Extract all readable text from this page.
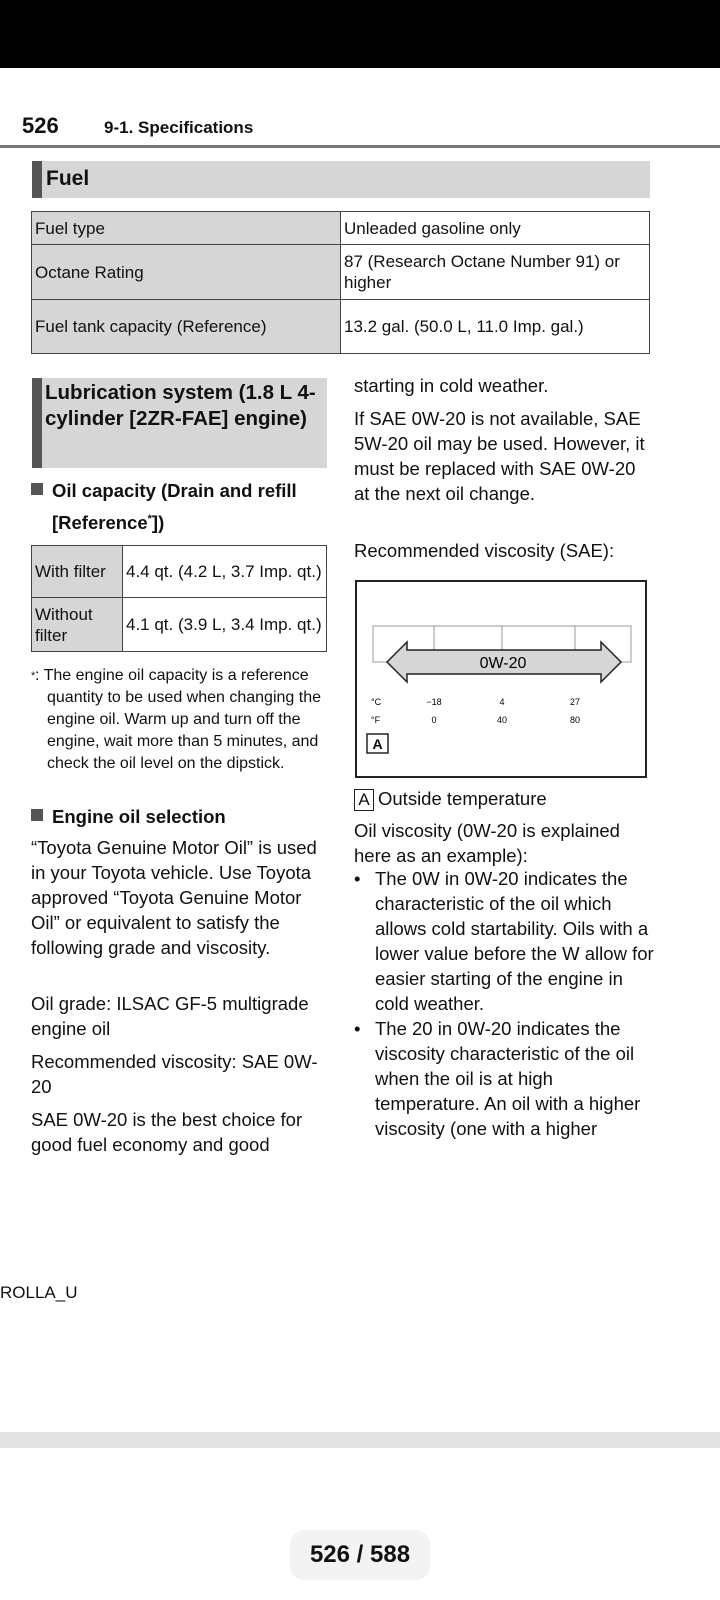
526	9-1. Specifications
Fuel
Fuel type	Unleaded gasoline only
Octane Rating	87 (Research Octane Number 91) or higher
Fuel tank capacity (Reference)	13.2 gal. (50.0 L, 11.0 Imp. gal.)
Lubrication system (1.8 L 4-cylinder [2ZR-FAE] engine)
Oil capacity (Drain and refill
[Reference*])
With filter	4.4 qt. (4.2 L, 3.7 Imp. qt.)
Without filter	4.1 qt. (3.9 L, 3.4 Imp. qt.)
* : The engine oil capacity is a reference quantity to be used when changing the engine oil. Warm up and turn off the engine, wait more than 5 minutes, and check the oil level on the dipstick.
Engine oil selection
“Toyota Genuine Motor Oil” is used in your Toyota vehicle. Use Toyota approved “Toyota Genuine Motor Oil” or equivalent to satisfy the following grade and viscosity.
Oil grade: ILSAC GF-5 multigrade engine oil
Recommended viscosity: SAE 0W-20
SAE 0W-20 is the best choice for good fuel economy and good
starting in cold weather.
If SAE 0W-20 is not available, SAE 5W-20 oil may be used. However, it must be replaced with SAE 0W-20 at the next oil change.
Recommended viscosity (SAE):
0W-20
°C	−18	4	27
°F	0	40	80
A
A Outside temperature
Oil viscosity (0W-20 is explained here as an example):
• The 0W in 0W-20 indicates the characteristic of the oil which allows cold startability. Oils with a lower value before the W allow for easier starting of the engine in cold weather.
• The 20 in 0W-20 indicates the viscosity characteristic of the oil when the oil is at high temperature. An oil with a higher viscosity (one with a higher
ROLLA_U
526 / 588
